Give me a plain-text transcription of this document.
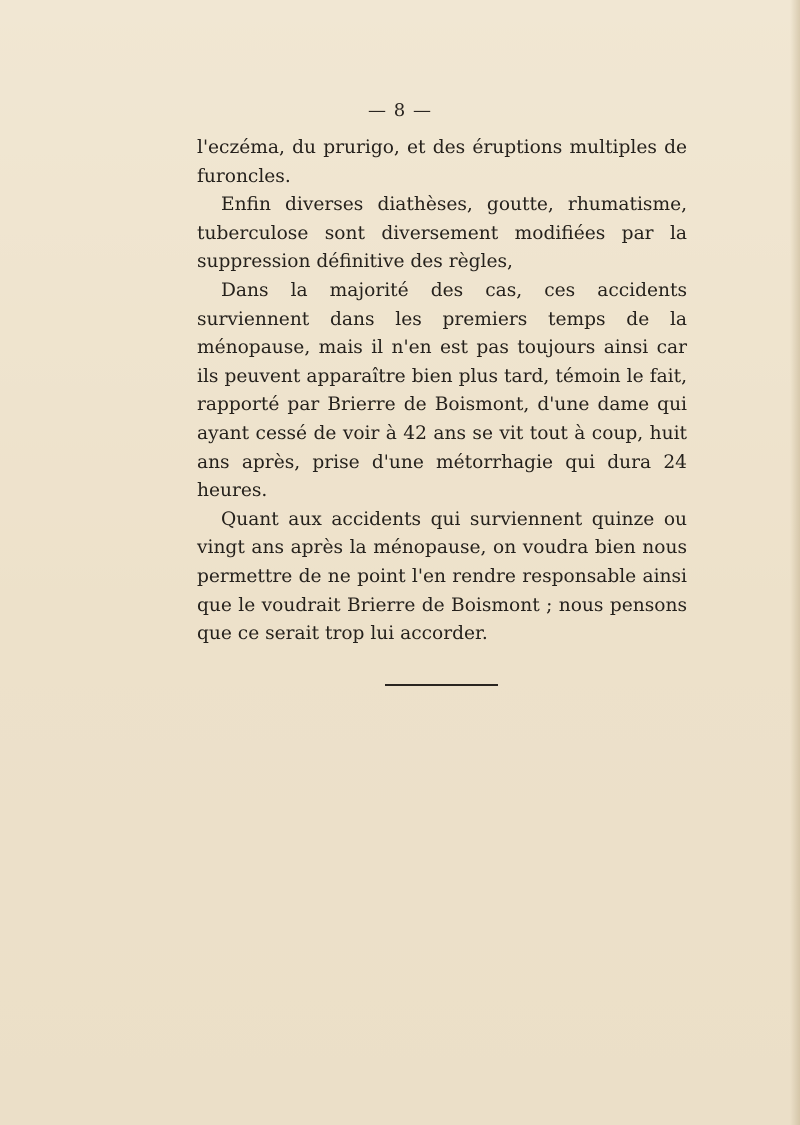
— 8 —

l'eczéma, du prurigo, et des éruptions multiples de furoncles.

Enfin diverses diathèses, goutte, rhumatisme, tuberculose sont diversement modifiées par la suppression définitive des règles,

Dans la majorité des cas, ces accidents surviennent dans les premiers temps de la ménopause, mais il n'en est pas toujours ainsi car ils peuvent apparaître bien plus tard, témoin le fait, rapporté par Brierre de Boismont, d'une dame qui ayant cessé de voir à 42 ans se vit tout à coup, huit ans après, prise d'une métorrhagie qui dura 24 heures.

Quant aux accidents qui surviennent quinze ou vingt ans après la ménopause, on voudra bien nous permettre de ne point l'en rendre responsable ainsi que le voudrait Brierre de Boismont ; nous pensons que ce serait trop lui accorder.
